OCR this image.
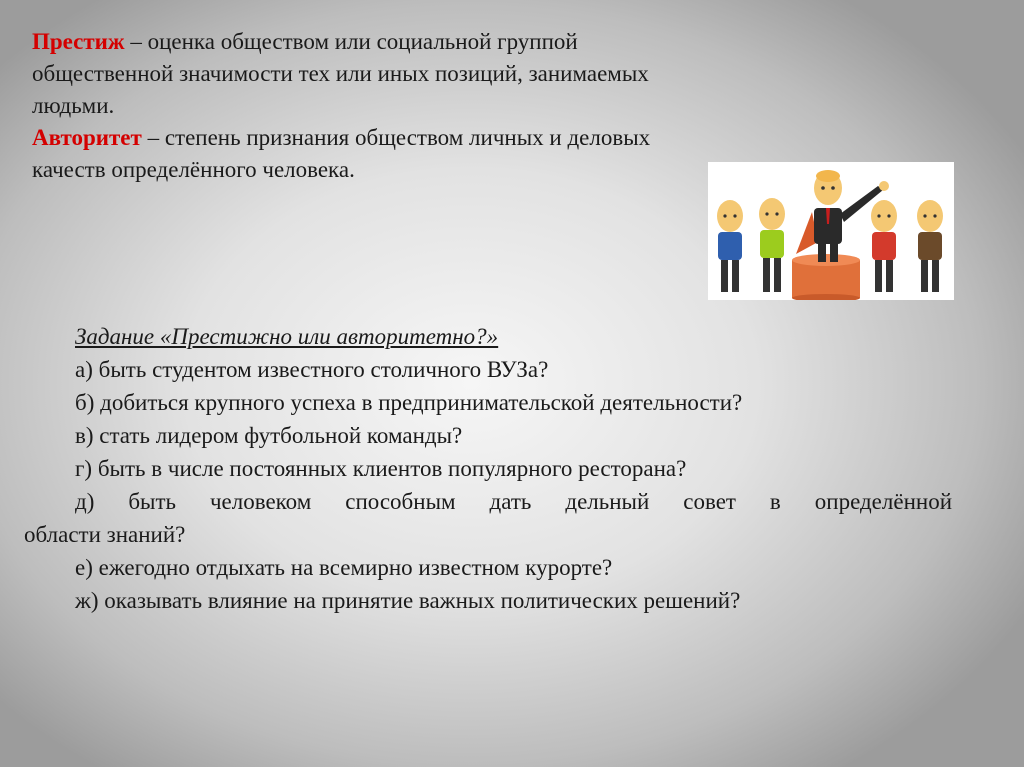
Престиж – оценка обществом или социальной группой общественной значимости тех или иных позиций, занимаемых людьми.
Авторитет – степень признания обществом личных и деловых качеств определённого человека.

Задание «Престижно или авторитетно?»

а) быть студентом известного столичного ВУЗа?

б) добиться крупного успеха в предпринимательской деятельности?

в) стать лидером футбольной команды?

г) быть в числе постоянных клиентов популярного ресторана?

д) быть человеком способным дать дельный совет в определённой

области знаний?

е) ежегодно отдыхать на всемирно известном курорте?

ж) оказывать влияние на принятие важных политических решений?
